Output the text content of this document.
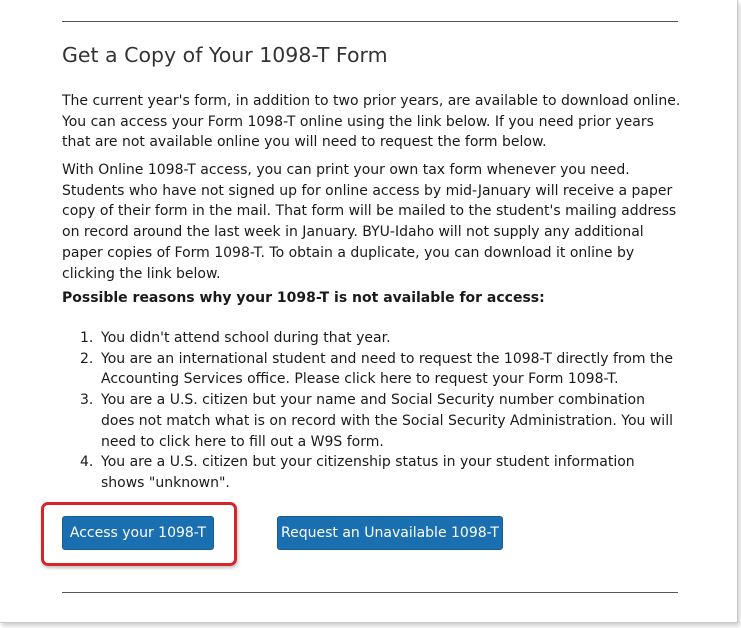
Get a Copy of Your 1098-T Form

The current year's form, in addition to two prior years, are available to download online. You can access your Form 1098-T online using the link below. If you need prior years that are not available online you will need to request the form below.

With Online 1098-T access, you can print your own tax form whenever you need. Students who have not signed up for online access by mid-January will receive a paper copy of their form in the mail. That form will be mailed to the student's mailing address on record around the last week in January. BYU-Idaho will not supply any additional paper copies of Form 1098-T. To obtain a duplicate, you can download it online by clicking the link below.

Possible reasons why your 1098-T is not available for access:

1. You didn't attend school during that year.
2. You are an international student and need to request the 1098-T directly from the Accounting Services office. Please click here to request your Form 1098-T.
3. You are a U.S. citizen but your name and Social Security number combination does not match what is on record with the Social Security Administration. You will need to click here to fill out a W9S form.
4. You are a U.S. citizen but your citizenship status in your student information shows "unknown".
Access your 1098-T	Request an Unavailable 1098-T
